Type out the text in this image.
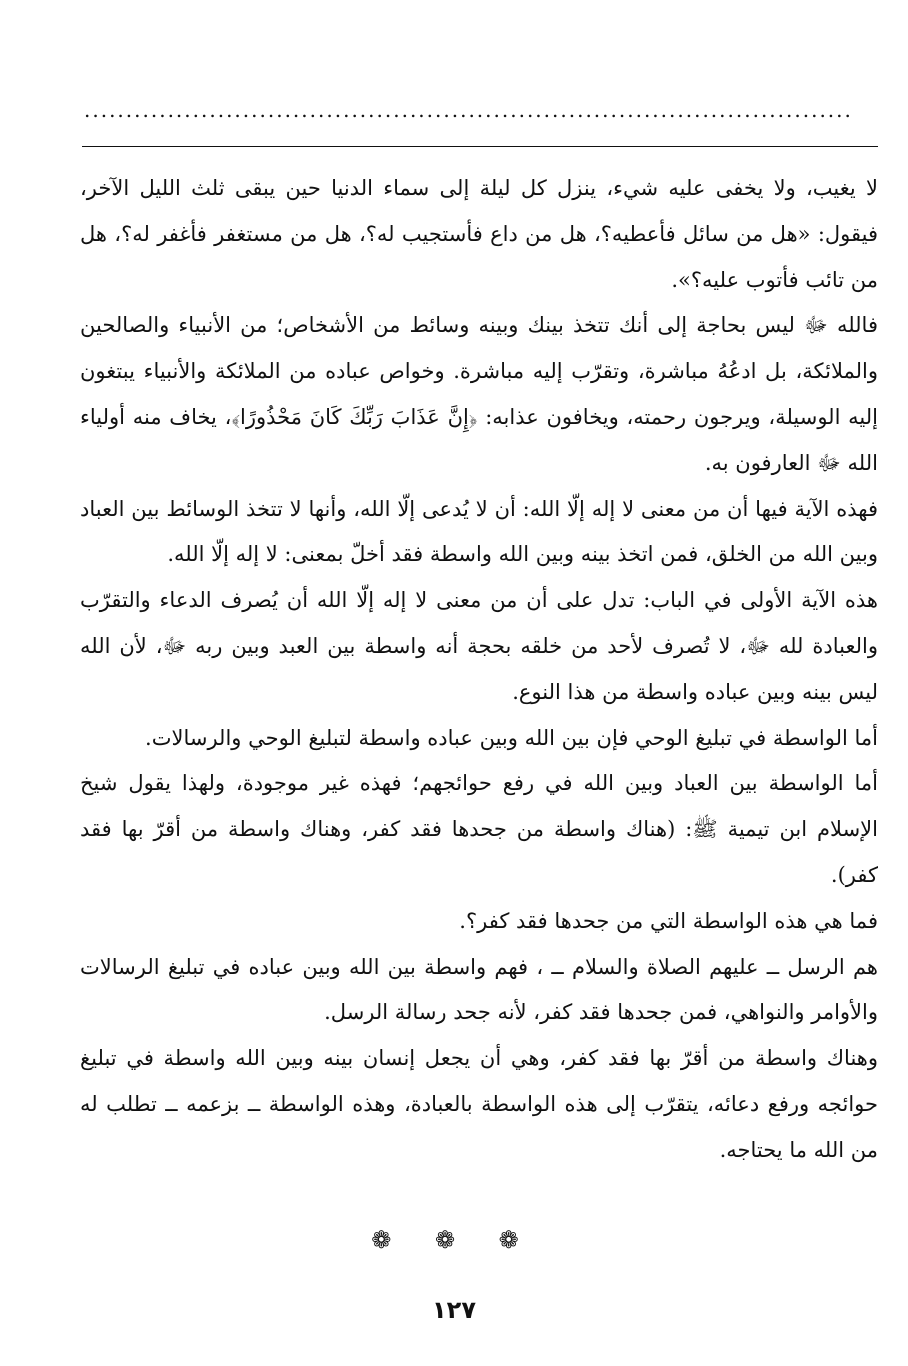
............................................................................................

لا يغيب، ولا يخفى عليه شيء، ينزل كل ليلة إلى سماء الدنيا حين يبقى ثلث الليل الآخر، فيقول: «هل من سائل فأعطيه؟، هل من داع فأستجيب له؟، هل من مستغفر فأغفر له؟، هل من تائب فأتوب عليه؟».

فالله ﷻ ليس بحاجة إلى أنك تتخذ بينك وبينه وسائط من الأشخاص؛ من الأنبياء والصالحين والملائكة، بل ادعُهُ مباشرة، وتقرّب إليه مباشرة. وخواص عباده من الملائكة والأنبياء يبتغون إليه الوسيلة، ويرجون رحمته، ويخافون عذابه: ﴿إِنَّ عَذَابَ رَبِّكَ كَانَ مَحْذُورًا﴾، يخاف منه أولياء الله ﷻ العارفون به.

فهذه الآية فيها أن من معنى لا إله إلّا الله: أن لا يُدعى إلّا الله، وأنها لا تتخذ الوسائط بين العباد وبين الله من الخلق، فمن اتخذ بينه وبين الله واسطة فقد أخلّ بمعنى: لا إله إلّا الله.

هذه الآية الأولى في الباب: تدل على أن من معنى لا إله إلّا الله أن يُصرف الدعاء والتقرّب والعبادة لله ﷻ، لا تُصرف لأحد من خلقه بحجة أنه واسطة بين العبد وبين ربه ﷻ، لأن الله ليس بينه وبين عباده واسطة من هذا النوع.

أما الواسطة في تبليغ الوحي فإن بين الله وبين عباده واسطة لتبليغ الوحي والرسالات.

أما الواسطة بين العباد وبين الله في رفع حوائجهم؛ فهذه غير موجودة، ولهذا يقول شيخ الإسلام ابن تيمية ﷺ: (هناك واسطة من جحدها فقد كفر، وهناك واسطة من أقرّ بها فقد كفر).

فما هي هذه الواسطة التي من جحدها فقد كفر؟.

هم الرسل ــ عليهم الصلاة والسلام ــ ، فهم واسطة بين الله وبين عباده في تبليغ الرسالات والأوامر والنواهي، فمن جحدها فقد كفر، لأنه جحد رسالة الرسل.

وهناك واسطة من أقرّ بها فقد كفر، وهي أن يجعل إنسان بينه وبين الله واسطة في تبليغ حوائجه ورفع دعائه، يتقرّب إلى هذه الواسطة بالعبادة، وهذه الواسطة ــ بزعمه ــ تطلب له من الله ما يحتاجه.

❁ ❁ ❁
١٢٧
